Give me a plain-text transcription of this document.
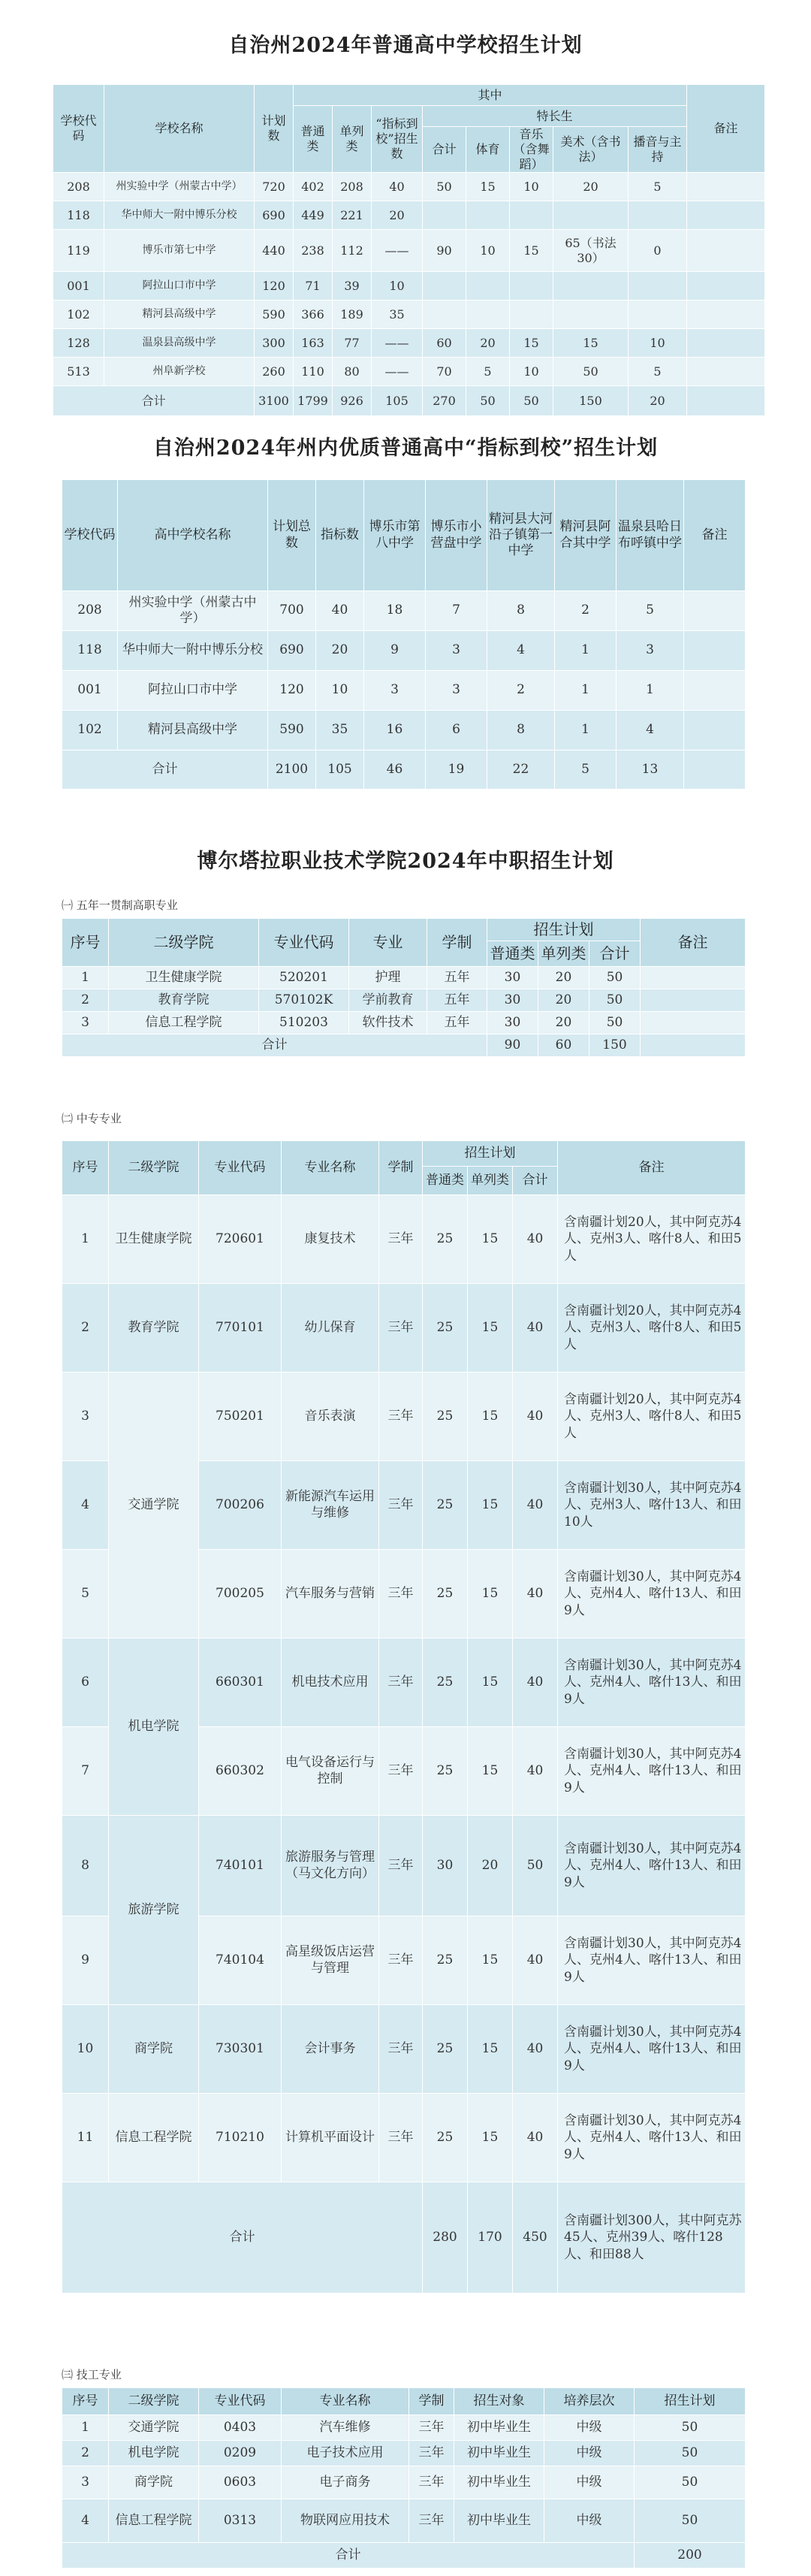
自治州2024年普通高中学校招生计划
学校代码	学校名称	计划数	其中								备注
			普通类	单列类	“指标到校”招生数	特长生					
						合计	体育	音乐（含舞蹈）	美术（含书法）	播音与主持	
208	州实验中学（州蒙古中学）	720	402	208	40	50	15	10	20	5	
118	华中师大一附中博乐分校	690	449	221	20						
119	博乐市第七中学	440	238	112	——	90	10	15	65（书法30）	0	
001	阿拉山口市中学	120	71	39	10						
102	精河县高级中学	590	366	189	35						
128	温泉县高级中学	300	163	77	——	60	20	15	15	10	
513	州阜新学校	260	110	80	——	70	5	10	50	5	
合计		3100	1799	926	105	270	50	50	150	20	
自治州2024年州内优质普通高中“指标到校”招生计划
学校代码	高中学校名称	计划总数	指标数	博乐市第八中学	博乐市小营盘中学	精河县大河沿子镇第一中学	精河县阿合其中学	温泉县哈日布呼镇中学	备注
208	州实验中学（州蒙古中学）	700	40	18	7	8	2	5	
118	华中师大一附中博乐分校	690	20	9	3	4	1	3	
001	阿拉山口市中学	120	10	3	3	2	1	1	
102	精河县高级中学	590	35	16	6	8	1	4	
合计		2100	105	46	19	22	5	13	
博尔塔拉职业技术学院2024年中职招生计划
㈠ 五年一贯制高职专业
序号	二级学院	专业代码	专业	学制	招生计划			备注
					普通类	单列类	合计	
1	卫生健康学院	520201	护理	五年	30	20	50	
2	教育学院	570102K	学前教育	五年	30	20	50	
3	信息工程学院	510203	软件技术	五年	30	20	50	
合计					90	60	150	
㈡ 中专专业
序号	二级学院	专业代码	专业名称	学制	招生计划			备注
					普通类	单列类	合计	
1	卫生健康学院	720601	康复技术	三年	25	15	40	含南疆计划20人，其中阿克苏4人、克州3人、喀什8人、和田5人
2	教育学院	770101	幼儿保育	三年	25	15	40	含南疆计划20人，其中阿克苏4人、克州3人、喀什8人、和田5人
3	交通学院	750201	音乐表演	三年	25	15	40	含南疆计划20人，其中阿克苏4人、克州3人、喀什8人、和田5人
4		700206	新能源汽车运用与维修	三年	25	15	40	含南疆计划30人，其中阿克苏4人、克州3人、喀什13人、和田10人
5		700205	汽车服务与营销	三年	25	15	40	含南疆计划30人，其中阿克苏4人、克州4人、喀什13人、和田9人
6	机电学院	660301	机电技术应用	三年	25	15	40	含南疆计划30人，其中阿克苏4人、克州4人、喀什13人、和田9人
7		660302	电气设备运行与控制	三年	25	15	40	含南疆计划30人，其中阿克苏4人、克州4人、喀什13人、和田9人
8	旅游学院	740101	旅游服务与管理（马文化方向）	三年	30	20	50	含南疆计划30人，其中阿克苏4人、克州4人、喀什13人、和田9人
9		740104	高星级饭店运营与管理	三年	25	15	40	含南疆计划30人，其中阿克苏4人、克州4人、喀什13人、和田9人
10	商学院	730301	会计事务	三年	25	15	40	含南疆计划30人，其中阿克苏4人、克州4人、喀什13人、和田9人
11	信息工程学院	710210	计算机平面设计	三年	25	15	40	含南疆计划30人，其中阿克苏4人、克州4人、喀什13人、和田9人
合计					280	170	450	含南疆计划300人，其中阿克苏45人、克州39人、喀什128人、和田88人
㈢ 技工专业
序号	二级学院	专业代码	专业名称	学制	招生对象	培养层次	招生计划
1	交通学院	0403	汽车维修	三年	初中毕业生	中级	50
2	机电学院	0209	电子技术应用	三年	初中毕业生	中级	50
3	商学院	0603	电子商务	三年	初中毕业生	中级	50
4	信息工程学院	0313	物联网应用技术	三年	初中毕业生	中级	50
合计							200
